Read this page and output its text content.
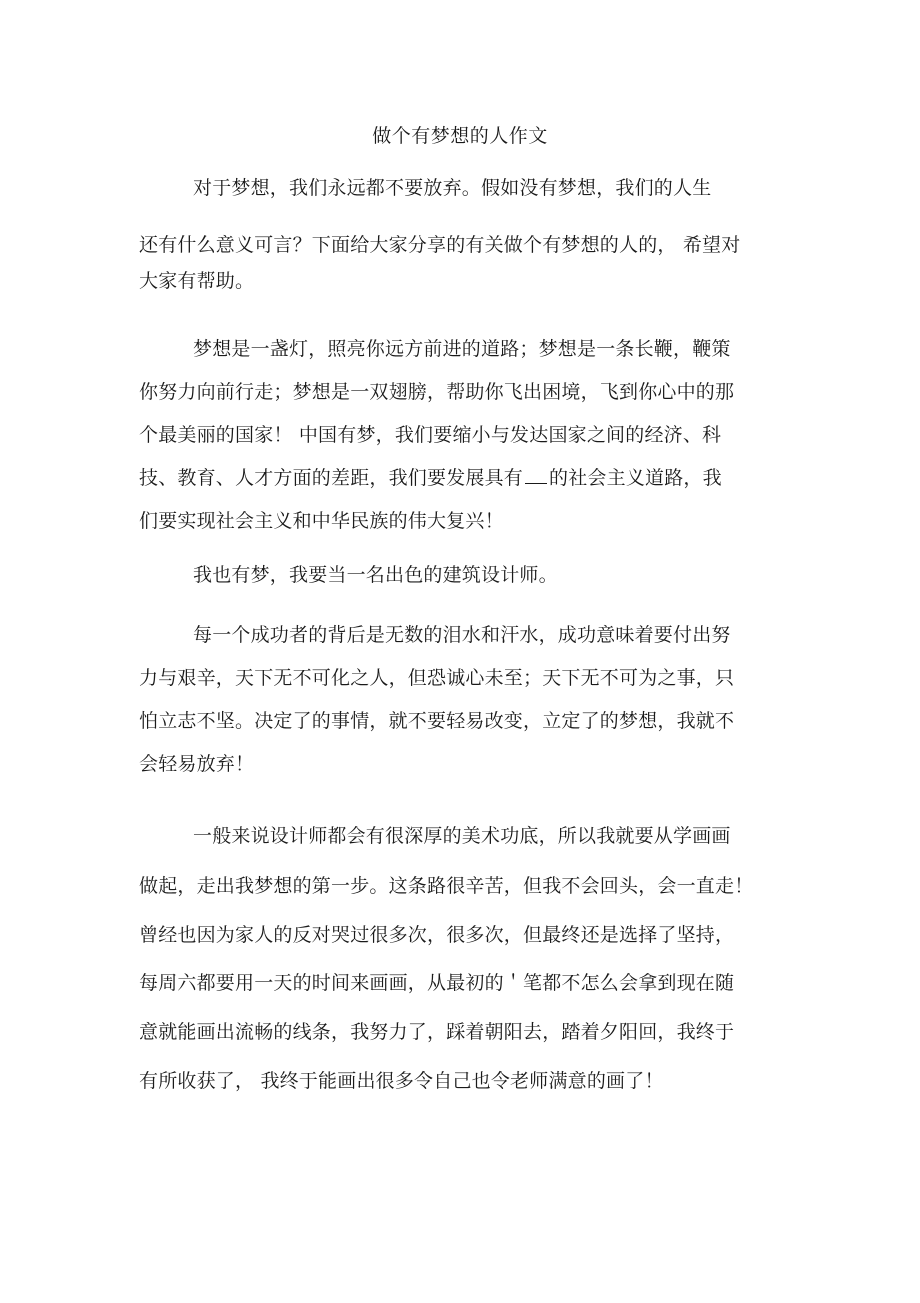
做个有梦想的人作文
对于梦想，我们永远都不要放弃。假如没有梦想，我们的人生
还有什么意义可言？下面给大家分享的有关做个有梦想的人的， 希望对
大家有帮助。
梦想是一盏灯，照亮你远方前进的道路；梦想是一条长鞭，鞭策
你努力向前行走；梦想是一双翅膀，帮助你飞出困境，飞到你心中的那
个最美丽的国家！ 中国有梦，我们要缩小与发达国家之间的经济、科
技、教育、人才方面的差距，我们要发展具有 的社会主义道路，我
们要实现社会主义和中华民族的伟大复兴！
我也有梦，我要当一名出色的建筑设计师。
每一个成功者的背后是无数的泪水和汗水，成功意味着要付出努
力与艰辛，天下无不可化之人，但恐诚心未至；天下无不可为之事，只
怕立志不坚。决定了的事情，就不要轻易改变，立定了的梦想，我就不
会轻易放弃！
一般来说设计师都会有很深厚的美术功底，所以我就要从学画画
做起，走出我梦想的第一步。这条路很辛苦，但我不会回头，会一直走！
曾经也因为家人的反对哭过很多次，很多次，但最终还是选择了坚持，
每周六都要用一天的时间来画画，从最初的＇笔都不怎么会拿到现在随
意就能画出流畅的线条，我努力了，踩着朝阳去，踏着夕阳回，我终于
有所收获了， 我终于能画出很多令自己也令老师满意的画了！
